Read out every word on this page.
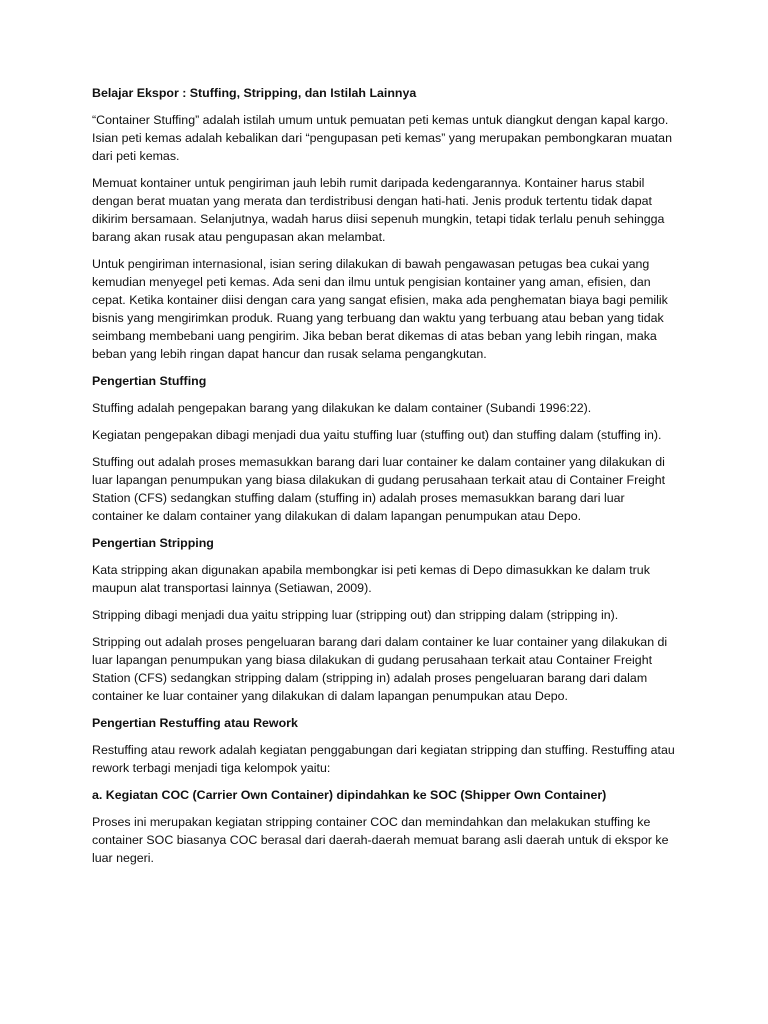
Belajar Ekspor : Stuffing, Stripping, dan Istilah Lainnya

“Container Stuffing” adalah istilah umum untuk pemuatan peti kemas untuk diangkut dengan kapal kargo. Isian peti kemas adalah kebalikan dari “pengupasan peti kemas” yang merupakan pembongkaran muatan dari peti kemas.

Memuat kontainer untuk pengiriman jauh lebih rumit daripada kedengarannya. Kontainer harus stabil dengan berat muatan yang merata dan terdistribusi dengan hati-hati. Jenis produk tertentu tidak dapat dikirim bersamaan. Selanjutnya, wadah harus diisi sepenuh mungkin, tetapi tidak terlalu penuh sehingga barang akan rusak atau pengupasan akan melambat.

Untuk pengiriman internasional, isian sering dilakukan di bawah pengawasan petugas bea cukai yang kemudian menyegel peti kemas. Ada seni dan ilmu untuk pengisian kontainer yang aman, efisien, dan cepat. Ketika kontainer diisi dengan cara yang sangat efisien, maka ada penghematan biaya bagi pemilik bisnis yang mengirimkan produk. Ruang yang terbuang dan waktu yang terbuang atau beban yang tidak seimbang membebani uang pengirim. Jika beban berat dikemas di atas beban yang lebih ringan, maka beban yang lebih ringan dapat hancur dan rusak selama pengangkutan.

Pengertian Stuffing

Stuffing adalah pengepakan barang yang dilakukan ke dalam container (Subandi 1996:22).

Kegiatan pengepakan dibagi menjadi dua yaitu stuffing luar (stuffing out) dan stuffing dalam (stuffing in).

Stuffing out adalah proses memasukkan barang dari luar container ke dalam container yang dilakukan di luar lapangan penumpukan yang biasa dilakukan di gudang perusahaan terkait atau di Container Freight Station (CFS) sedangkan stuffing dalam (stuffing in) adalah proses memasukkan barang dari luar container ke dalam container yang dilakukan di dalam lapangan penumpukan atau Depo.

Pengertian Stripping

Kata stripping akan digunakan apabila membongkar isi peti kemas di Depo dimasukkan ke dalam truk maupun alat transportasi lainnya (Setiawan, 2009).

Stripping dibagi menjadi dua yaitu stripping luar (stripping out) dan stripping dalam (stripping in).

Stripping out adalah proses pengeluaran barang dari dalam container ke luar container yang dilakukan di luar lapangan penumpukan yang biasa dilakukan di gudang perusahaan terkait atau Container Freight Station (CFS) sedangkan stripping dalam (stripping in) adalah proses pengeluaran barang dari dalam container ke luar container yang dilakukan di dalam lapangan penumpukan atau Depo.

Pengertian Restuffing atau Rework

Restuffing atau rework adalah kegiatan penggabungan dari kegiatan stripping dan stuffing. Restuffing atau rework terbagi menjadi tiga kelompok yaitu:

a. Kegiatan COC (Carrier Own Container) dipindahkan ke SOC (Shipper Own Container)

Proses ini merupakan kegiatan stripping container COC dan memindahkan dan melakukan stuffing ke container SOC biasanya COC berasal dari daerah-daerah memuat barang asli daerah untuk di ekspor ke luar negeri.
